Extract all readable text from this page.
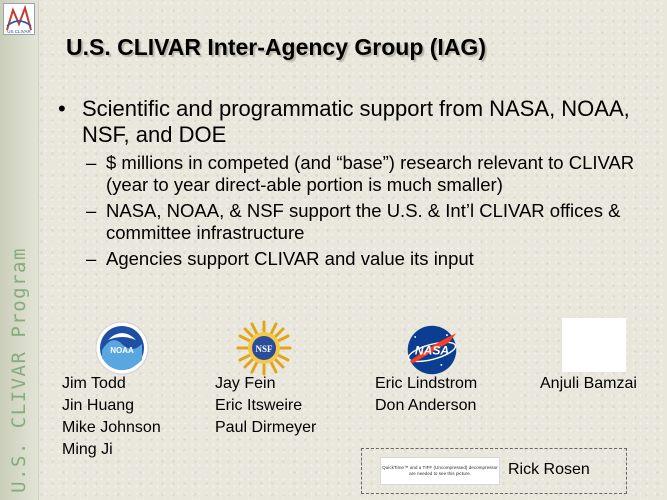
US CLIVAR
U.S. CLIVAR Program
U.S. CLIVAR Inter-Agency Group (IAG)
• Scientific and programmatic support from NASA, NOAA, NSF, and DOE
– $ millions in competed (and “base”) research relevant to CLIVAR (year to year direct-able portion is much smaller)
– NASA, NOAA, & NSF support the U.S. & Int’l CLIVAR offices & committee infrastructure
– Agencies support CLIVAR and value its input
NOAA	NSF	NASA
Jim Todd
Jin Huang
Mike Johnson
Ming Ji
Jay Fein
Eric Itsweire
Paul Dirmeyer
Eric Lindstrom
Don Anderson
Anjuli Bamzai
QuickTime™ and a TIFF (Uncompressed) decompressor are needed to see this picture.	Rick Rosen
